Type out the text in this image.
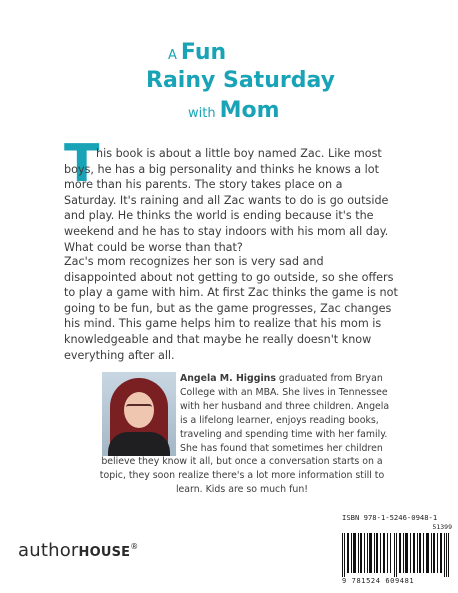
A Fun
Rainy Saturday
with Mom
T

his book is about a little boy named Zac. Like most boys, he has a big personality and thinks he knows a lot more than his parents. The story takes place on a Saturday. It's raining and all Zac wants to do is go outside and play. He thinks the world is ending because it's the weekend and he has to stay indoors with his mom all day. What could be worse than that?

Zac's mom recognizes her son is very sad and disappointed about not getting to go outside, so she offers to play a game with him. At first Zac thinks the game is not going to be fun, but as the game progresses, Zac changes his mind. This game helps him to realize that his mom is knowledgeable and that maybe he really doesn't know everything after all.

Angela M. Higgins graduated from Bryan College with an MBA. She lives in Tennessee with her husband and three children. Angela is a lifelong learner, enjoys reading books, traveling and spending time with her family. She has found that sometimes her children

believe they know it all, but once a conversation starts on a topic, they soon realize there's a lot more information still to learn. Kids are so much fun!

authorHOUSE®
ISBN 978-1-5246-0948-1
51399
9 781524 609481
